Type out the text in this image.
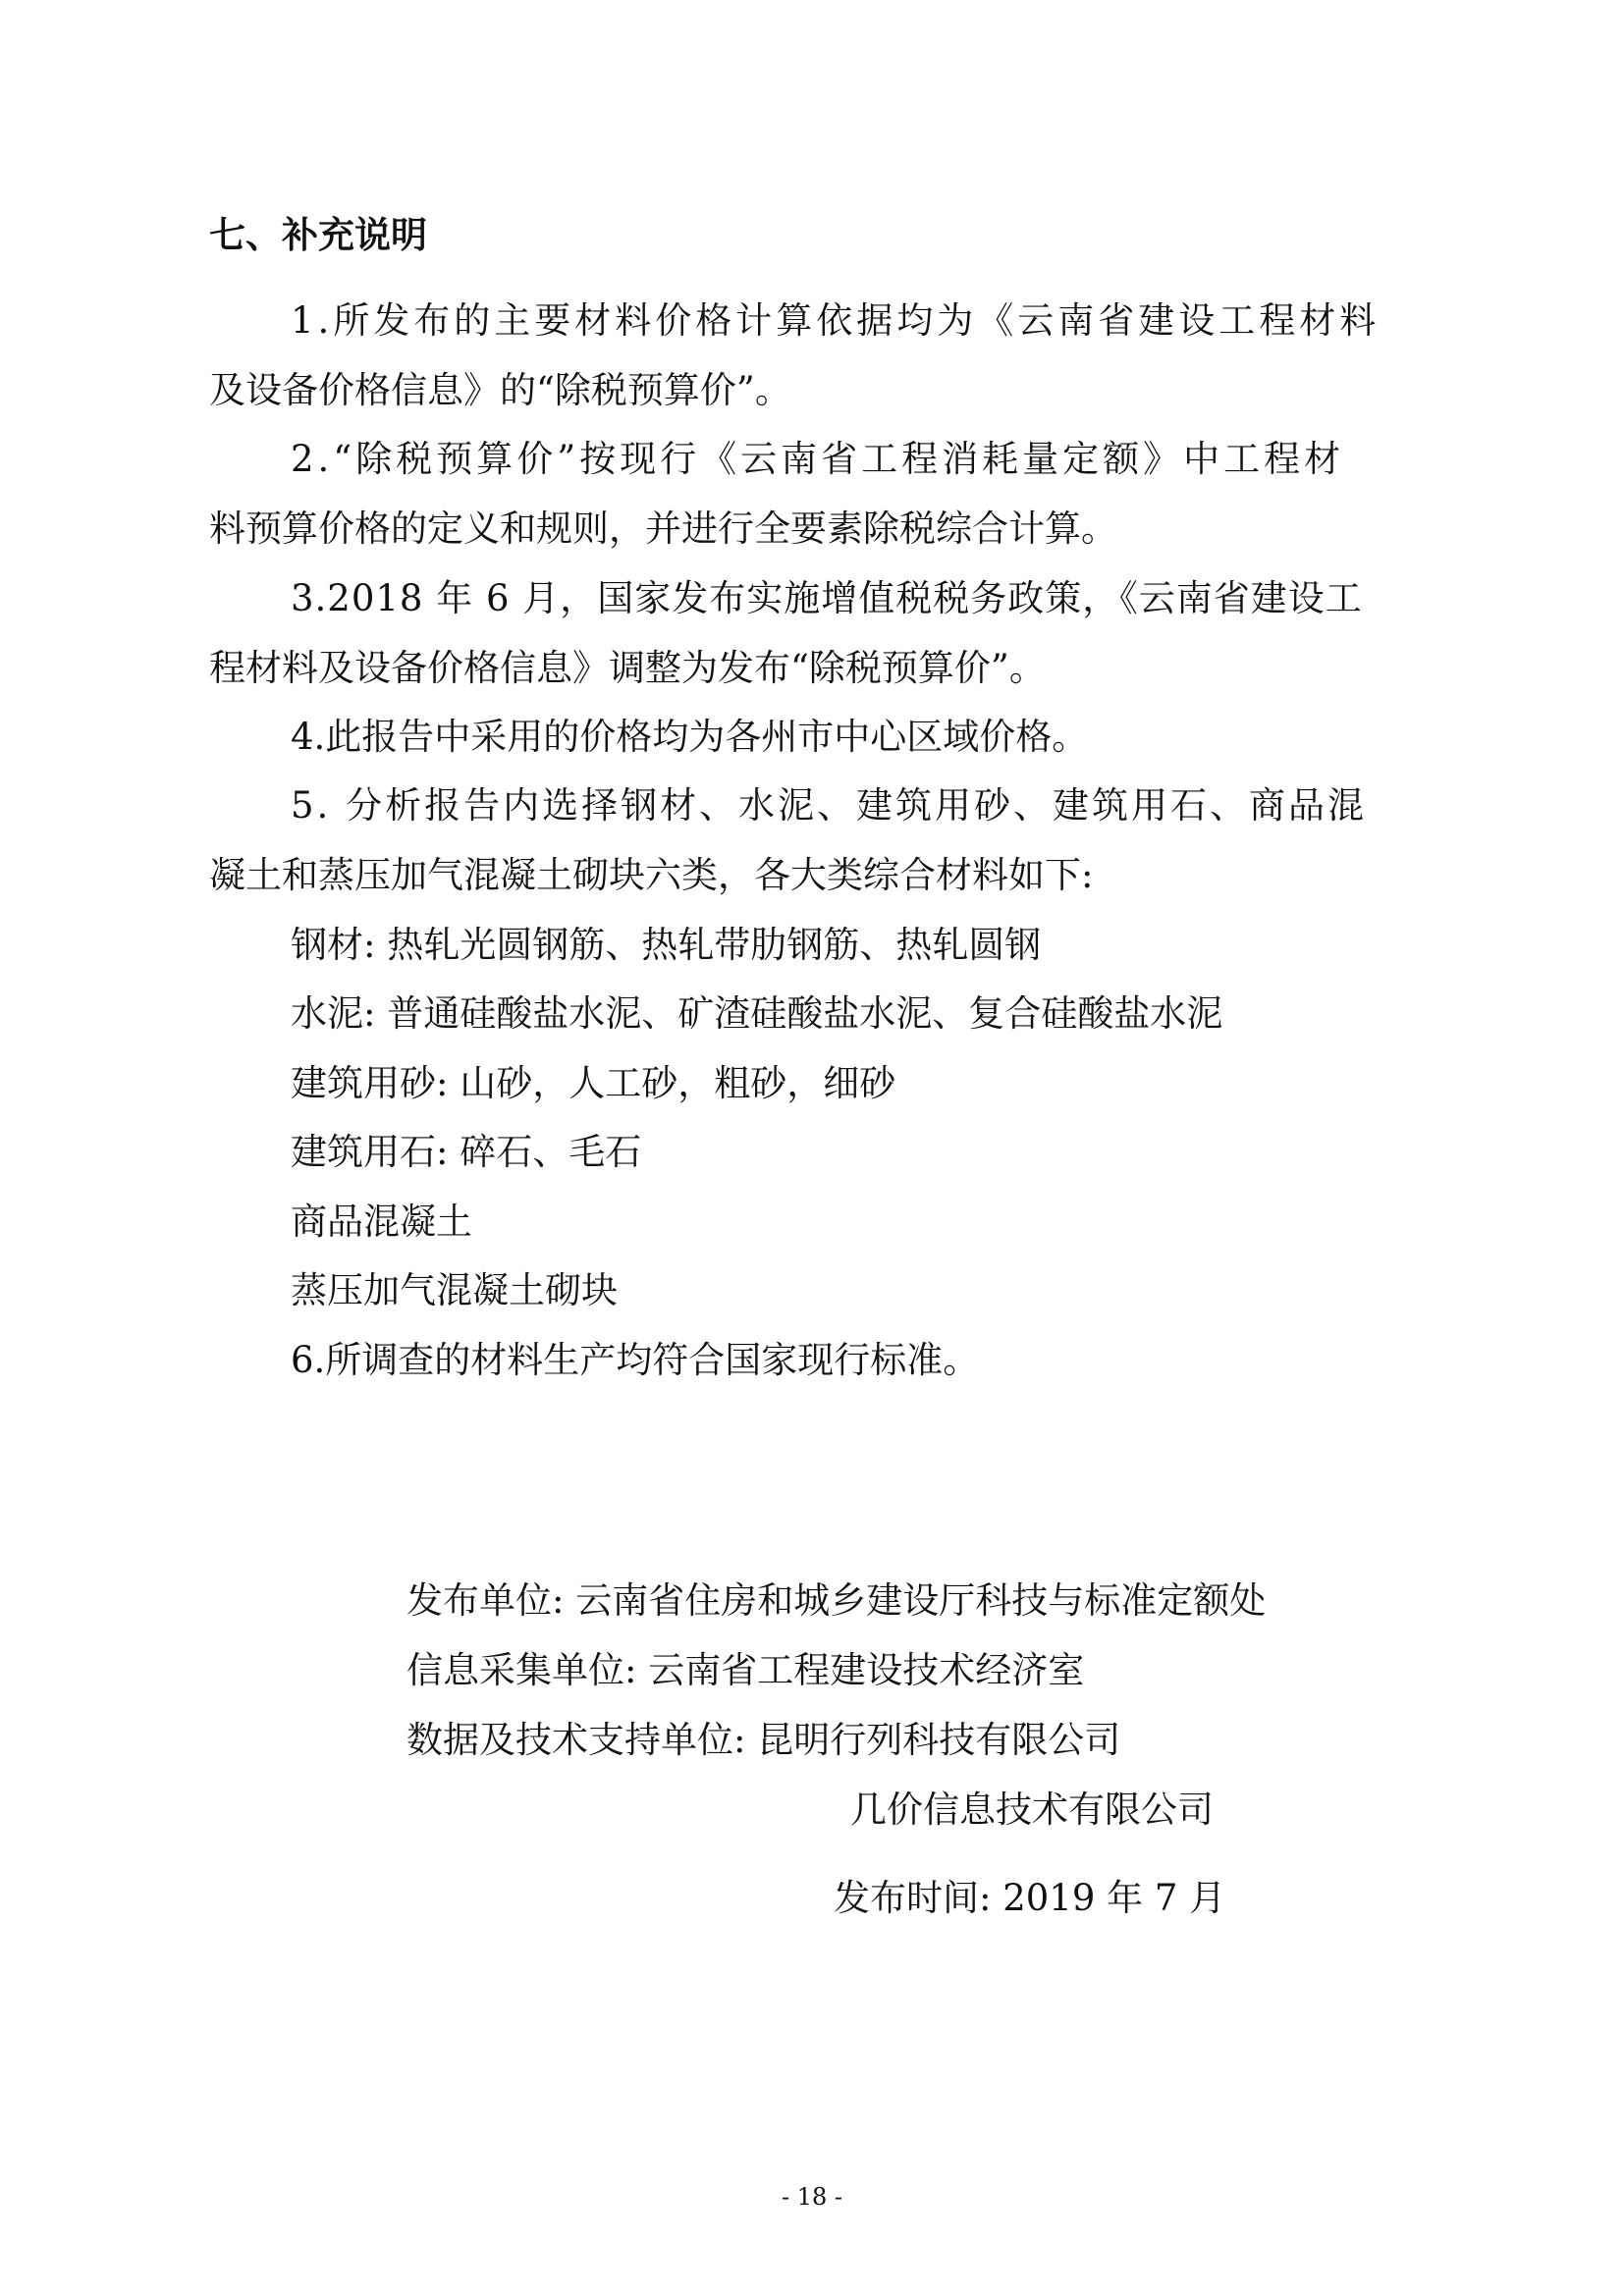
七、补充说明
1.所发布的主要材料价格计算依据均为《云南省建设工程材料
及设备价格信息》的“除税预算价”。
2.“除税预算价”按现行《云南省工程消耗量定额》中工程材
料预算价格的定义和规则，并进行全要素除税综合计算。
3.2018 年 6 月，国家发布实施增值税税务政策，《云南省建设工
程材料及设备价格信息》调整为发布“除税预算价”。
4.此报告中采用的价格均为各州市中心区域价格。
5. 分析报告内选择钢材、水泥、建筑用砂、建筑用石、商品混
凝土和蒸压加气混凝土砌块六类，各大类综合材料如下:
钢材: 热轧光圆钢筋、热轧带肋钢筋、热轧圆钢
水泥: 普通硅酸盐水泥、矿渣硅酸盐水泥、复合硅酸盐水泥
建筑用砂: 山砂，人工砂，粗砂，细砂
建筑用石: 碎石、毛石
商品混凝土
蒸压加气混凝土砌块
6.所调查的材料生产均符合国家现行标准。
发布单位: 云南省住房和城乡建设厅科技与标准定额处
信息采集单位: 云南省工程建设技术经济室
数据及技术支持单位: 昆明行列科技有限公司
几价信息技术有限公司
发布时间: 2019 年 7 月
- 18 -
